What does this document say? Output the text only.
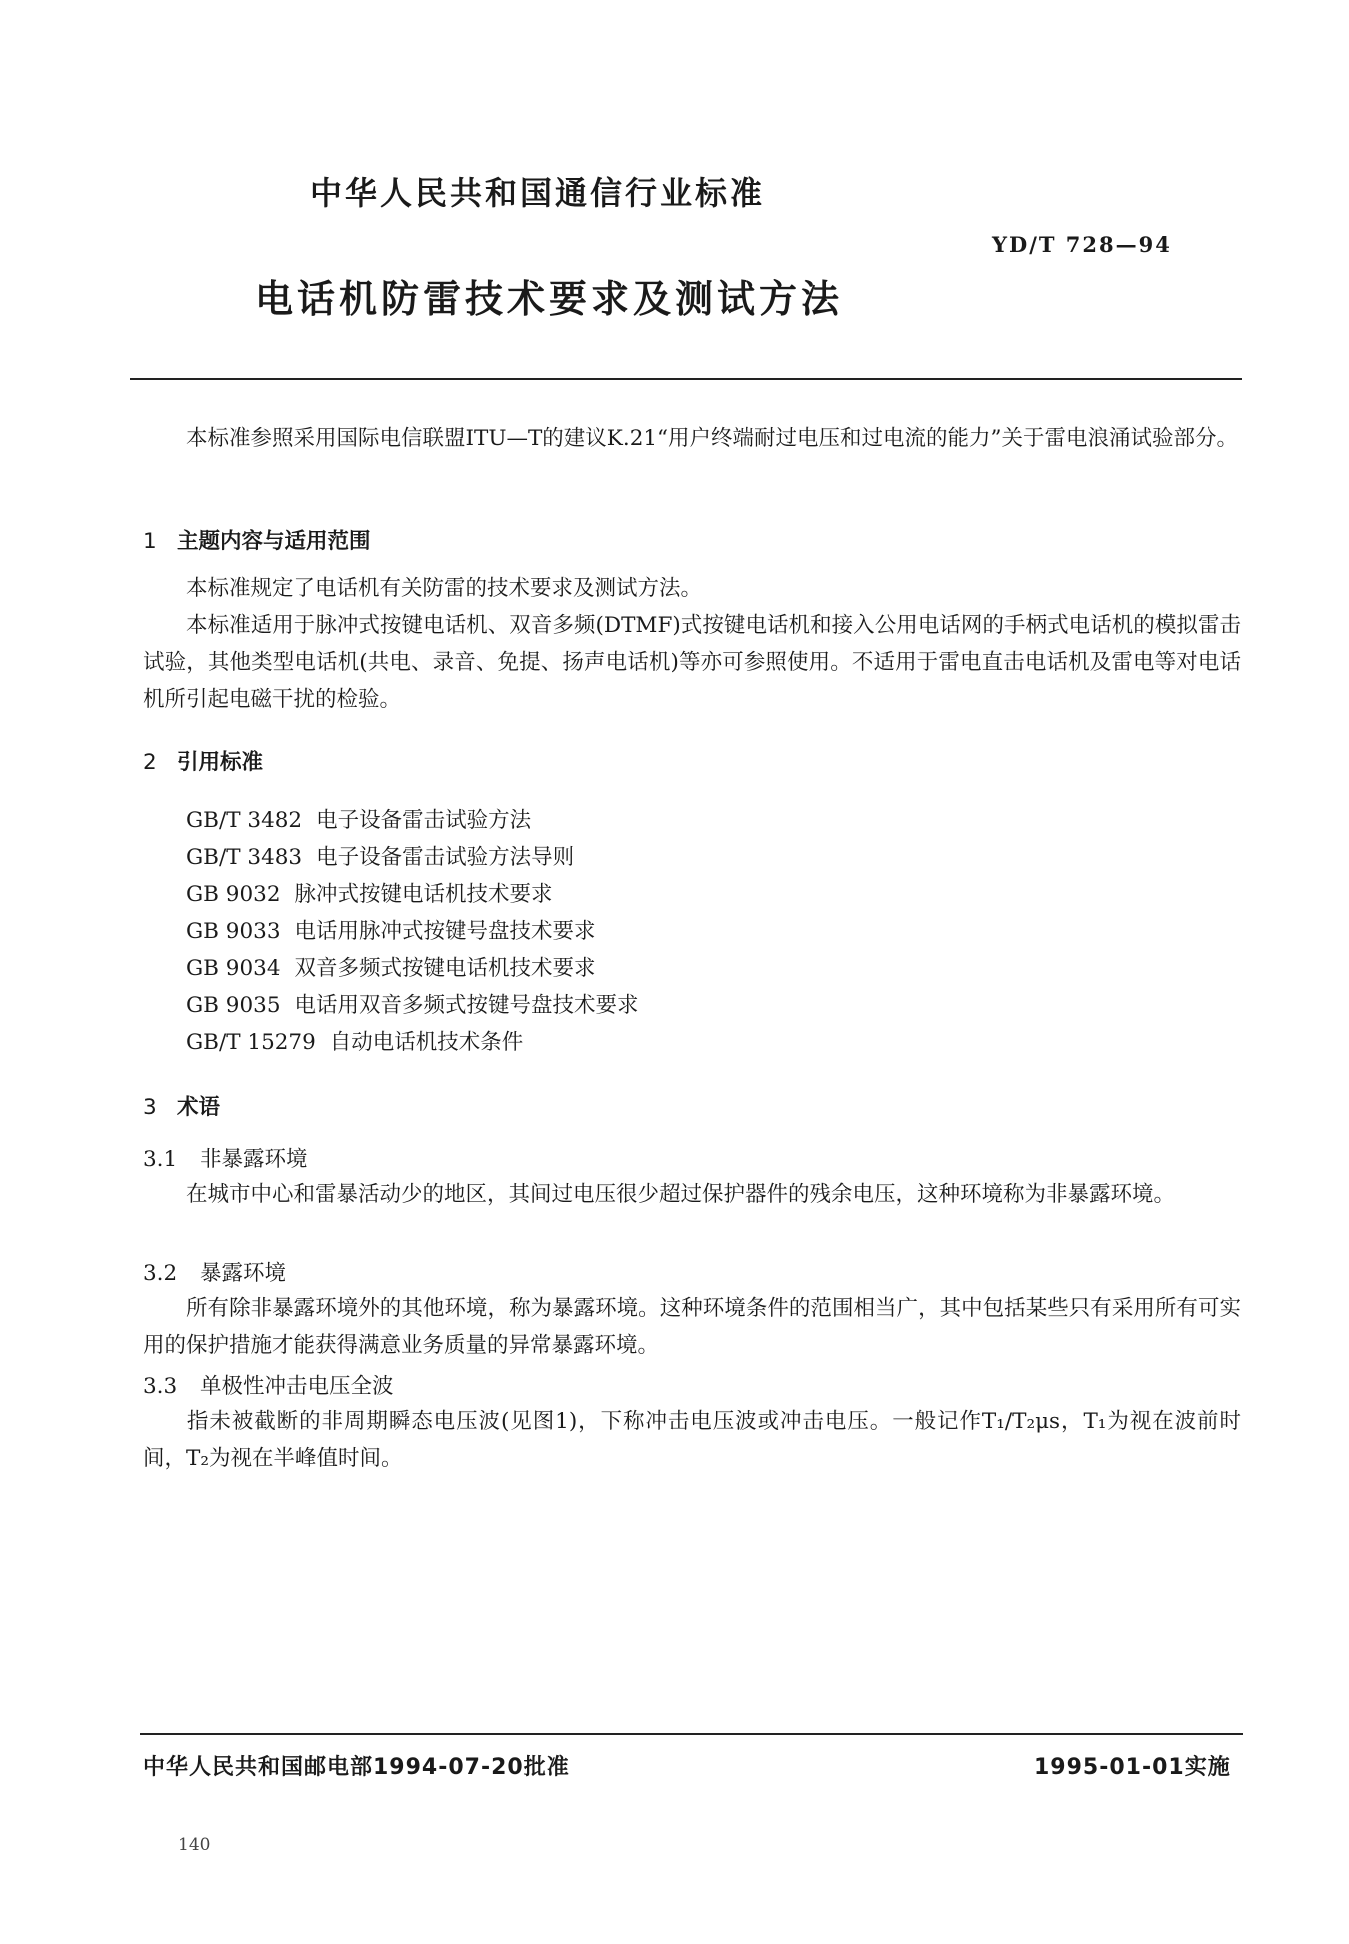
中华人民共和国通信行业标准
YD/T 728—94
电话机防雷技术要求及测试方法
本标准参照采用国际电信联盟ITU—T的建议K.21“用户终端耐过电压和过电流的能力”关于雷电浪涌试验部分。
1 主题内容与适用范围
本标准规定了电话机有关防雷的技术要求及测试方法。
本标准适用于脉冲式按键电话机、双音多频(DTMF)式按键电话机和接入公用电话网的手柄式电话机的模拟雷击试验，其他类型电话机(共电、录音、免提、扬声电话机)等亦可参照使用。不适用于雷电直击电话机及雷电等对电话机所引起电磁干扰的检验。
2 引用标准
GB/T 3482 电子设备雷击试验方法
GB/T 3483 电子设备雷击试验方法导则
GB 9032 脉冲式按键电话机技术要求
GB 9033 电话用脉冲式按键号盘技术要求
GB 9034 双音多频式按键电话机技术要求
GB 9035 电话用双音多频式按键号盘技术要求
GB/T 15279 自动电话机技术条件
3 术语
3.1 非暴露环境
在城市中心和雷暴活动少的地区，其间过电压很少超过保护器件的残余电压，这种环境称为非暴露环境。
3.2 暴露环境
所有除非暴露环境外的其他环境，称为暴露环境。这种环境条件的范围相当广，其中包括某些只有采用所有可实用的保护措施才能获得满意业务质量的异常暴露环境。
3.3 单极性冲击电压全波
指未被截断的非周期瞬态电压波(见图1)，下称冲击电压波或冲击电压。一般记作T₁/T₂μs，T₁为视在波前时间，T₂为视在半峰值时间。
中华人民共和国邮电部1994-07-20批准	1995-01-01实施
140
